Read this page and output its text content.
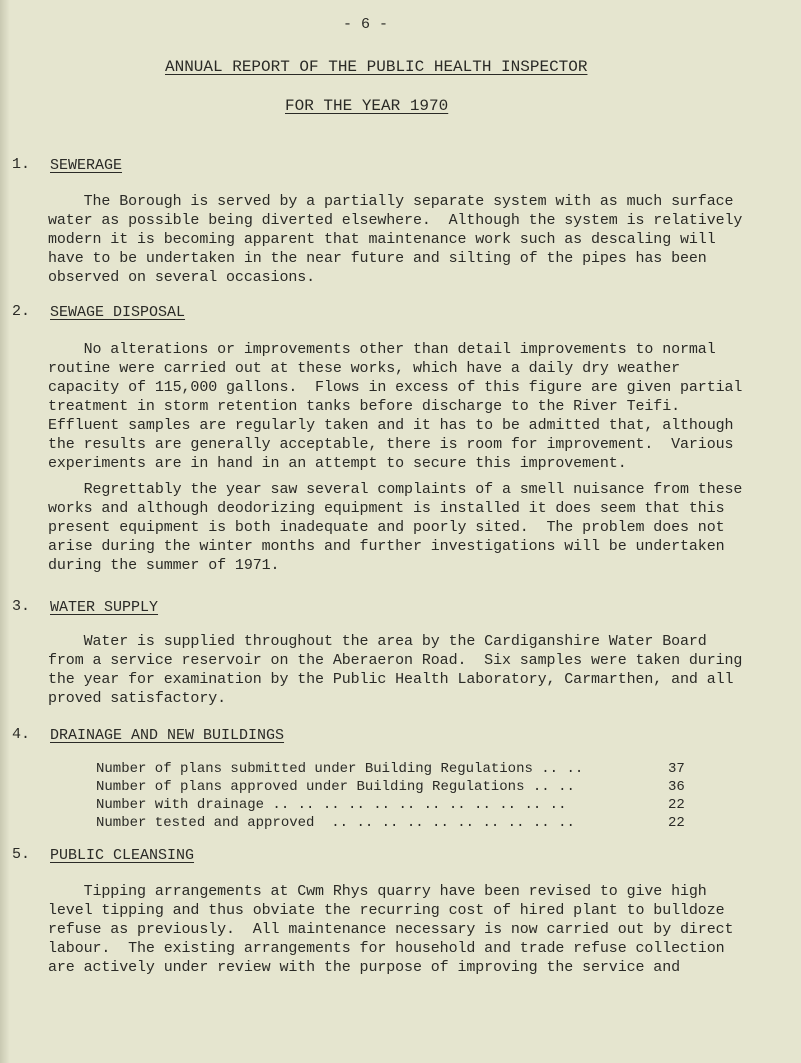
- 6 -
ANNUAL REPORT OF THE PUBLIC HEALTH INSPECTOR
FOR THE YEAR 1970
1. SEWERAGE
The Borough is served by a partially separate system with as much surface
water as possible being diverted elsewhere.  Although the system is relatively
modern it is becoming apparent that maintenance work such as descaling will
have to be undertaken in the near future and silting of the pipes has been
observed on several occasions.
2. SEWAGE DISPOSAL
No alterations or improvements other than detail improvements to normal
routine were carried out at these works, which have a daily dry weather
capacity of 115,000 gallons.  Flows in excess of this figure are given partial
treatment in storm retention tanks before discharge to the River Teifi.
Effluent samples are regularly taken and it has to be admitted that, although
the results are generally acceptable, there is room for improvement.  Various
experiments are in hand in an attempt to secure this improvement.
Regrettably the year saw several complaints of a smell nuisance from these
works and although deodorizing equipment is installed it does seem that this
present equipment is both inadequate and poorly sited.  The problem does not
arise during the winter months and further investigations will be undertaken
during the summer of 1971.
3. WATER SUPPLY
Water is supplied throughout the area by the Cardiganshire Water Board
from a service reservoir on the Aberaeron Road.  Six samples were taken during
the year for examination by the Public Health Laboratory, Carmarthen, and all
proved satisfactory.
4. DRAINAGE AND NEW BUILDINGS
Number of plans submitted under Building Regulations .. ..	37
Number of plans approved under Building Regulations .. ..	36
Number with drainage .. .. .. .. .. .. .. .. .. .. .. ..	22
Number tested and approved  .. .. .. .. .. .. .. .. .. ..	22
5. PUBLIC CLEANSING
Tipping arrangements at Cwm Rhys quarry have been revised to give high
level tipping and thus obviate the recurring cost of hired plant to bulldoze
refuse as previously.  All maintenance necessary is now carried out by direct
labour.  The existing arrangements for household and trade refuse collection
are actively under review with the purpose of improving the service and
